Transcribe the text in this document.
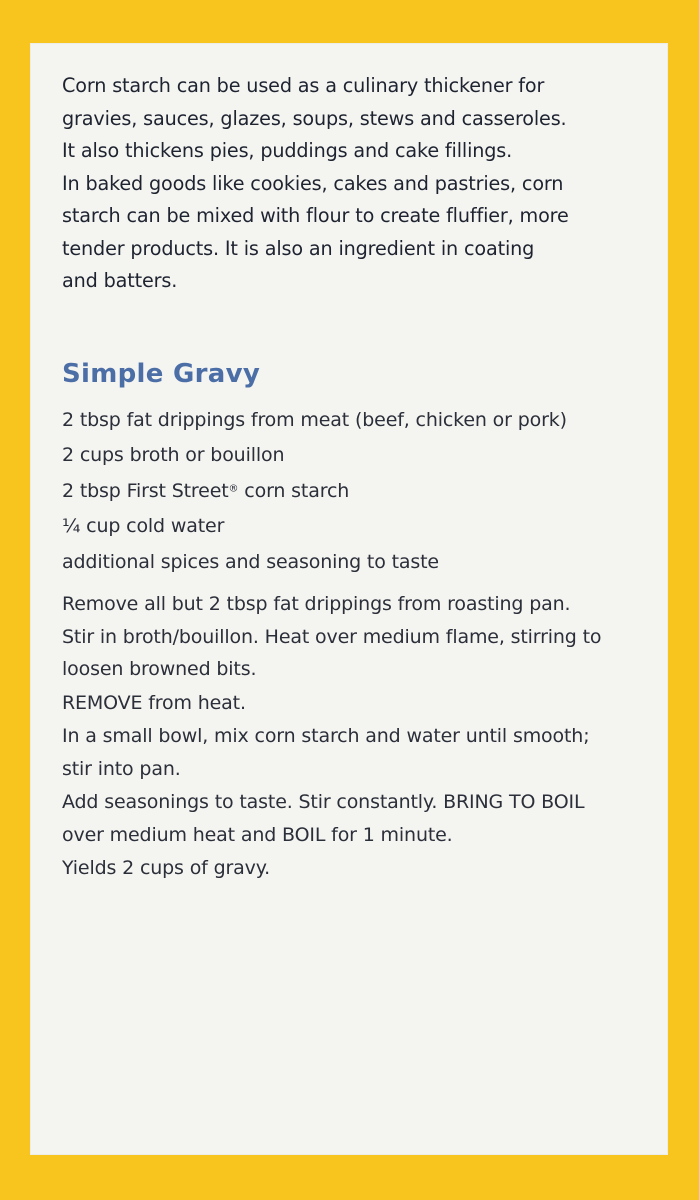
Corn starch can be used as a culinary thickener for

gravies, sauces, glazes, soups, stews and casseroles.

It also thickens pies, puddings and cake fillings.

In baked goods like cookies, cakes and pastries, corn

starch can be mixed with flour to create fluffier, more

tender products. It is also an ingredient in coating

and batters.

Simple Gravy
2 tbsp fat drippings from meat (beef, chicken or pork)
2 cups broth or bouillon
2 tbsp First Street® corn starch
¼ cup cold water
additional spices and seasoning to taste

Remove all but 2 tbsp fat drippings from roasting pan.
Stir in broth/bouillon. Heat over medium flame, stirring to
loosen browned bits.

REMOVE from heat.

In a small bowl, mix corn starch and water until smooth;
stir into pan.

Add seasonings to taste. Stir constantly. BRING TO BOIL
over medium heat and BOIL for 1 minute.

Yields 2 cups of gravy.
